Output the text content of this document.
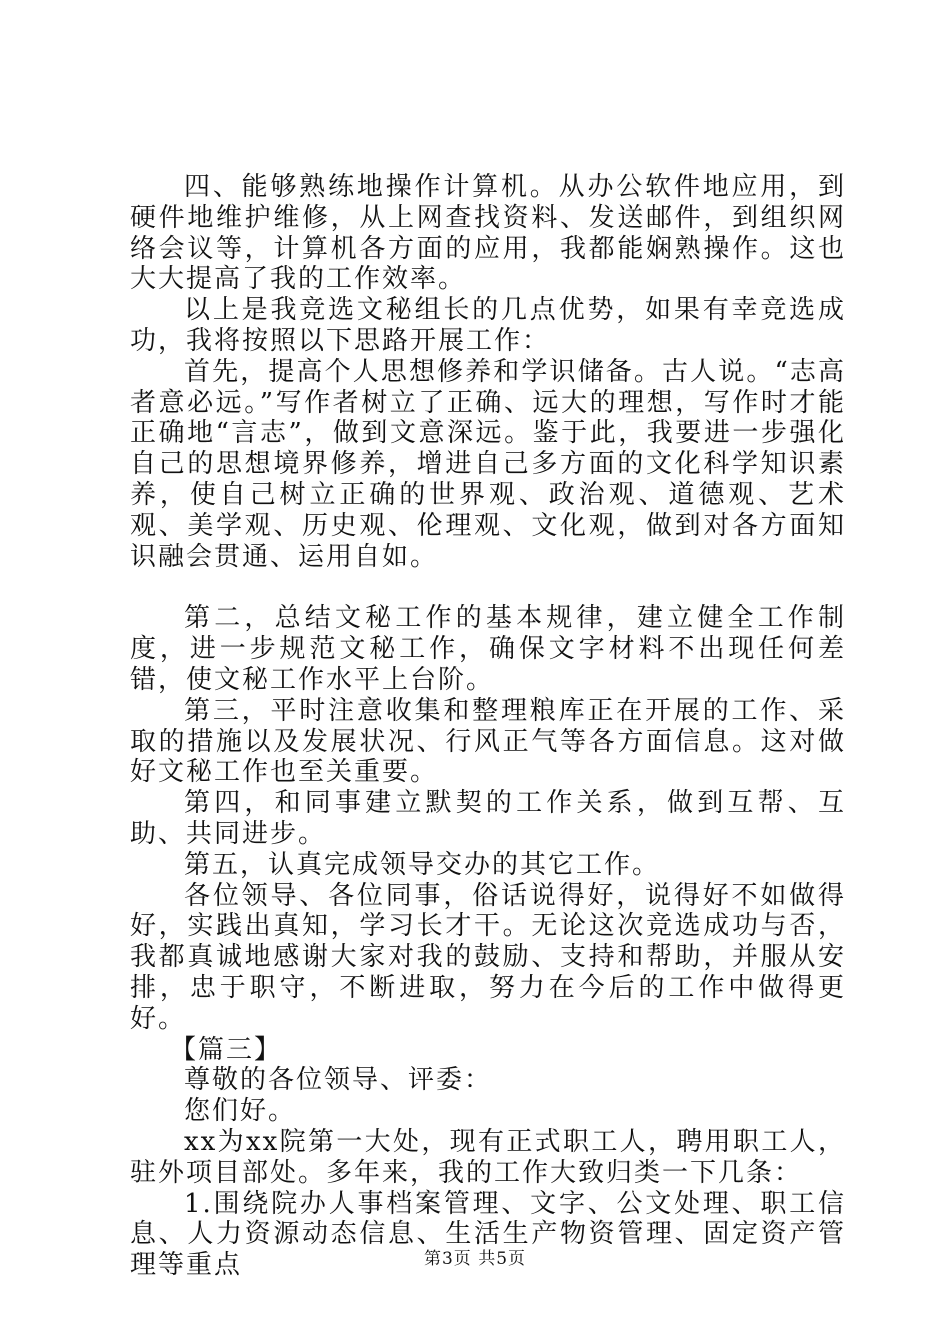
四、能够熟练地操作计算机。从办公软件地应用，到硬件地维护维修，从上网查找资料、发送邮件，到组织网络会议等，计算机各方面的应用，我都能娴熟操作。这也大大提高了我的工作效率。

以上是我竞选文秘组长的几点优势，如果有幸竞选成功，我将按照以下思路开展工作：

首先，提高个人思想修养和学识储备。古人说。“志高者意必远。”写作者树立了正确、远大的理想，写作时才能正确地“言志”，做到文意深远。鉴于此，我要进一步强化自己的思想境界修养，增进自己多方面的文化科学知识素养，使自己树立正确的世界观、政治观、道德观、艺术观、美学观、历史观、伦理观、文化观，做到对各方面知识融会贯通、运用自如。

第二，总结文秘工作的基本规律，建立健全工作制度，进一步规范文秘工作，确保文字材料不出现任何差错，使文秘工作水平上台阶。

第三，平时注意收集和整理粮库正在开展的工作、采取的措施以及发展状况、行风正气等各方面信息。这对做好文秘工作也至关重要。

第四，和同事建立默契的工作关系，做到互帮、互助、共同进步。

第五，认真完成领导交办的其它工作。

各位领导、各位同事，俗话说得好，说得好不如做得好，实践出真知，学习长才干。无论这次竞选成功与否，我都真诚地感谢大家对我的鼓励、支持和帮助，并服从安排，忠于职守，不断进取，努力在今后的工作中做得更好。

【篇三】

尊敬的各位领导、评委：

您们好。

xx为xx院第一大处，现有正式职工人，聘用职工人，驻外项目部处。多年来，我的工作大致归类一下几条：

1.围绕院办人事档案管理、文字、公文处理、职工信息、人力资源动态信息、生活生产物资管理、固定资产管理等重点	第3页 共5页
